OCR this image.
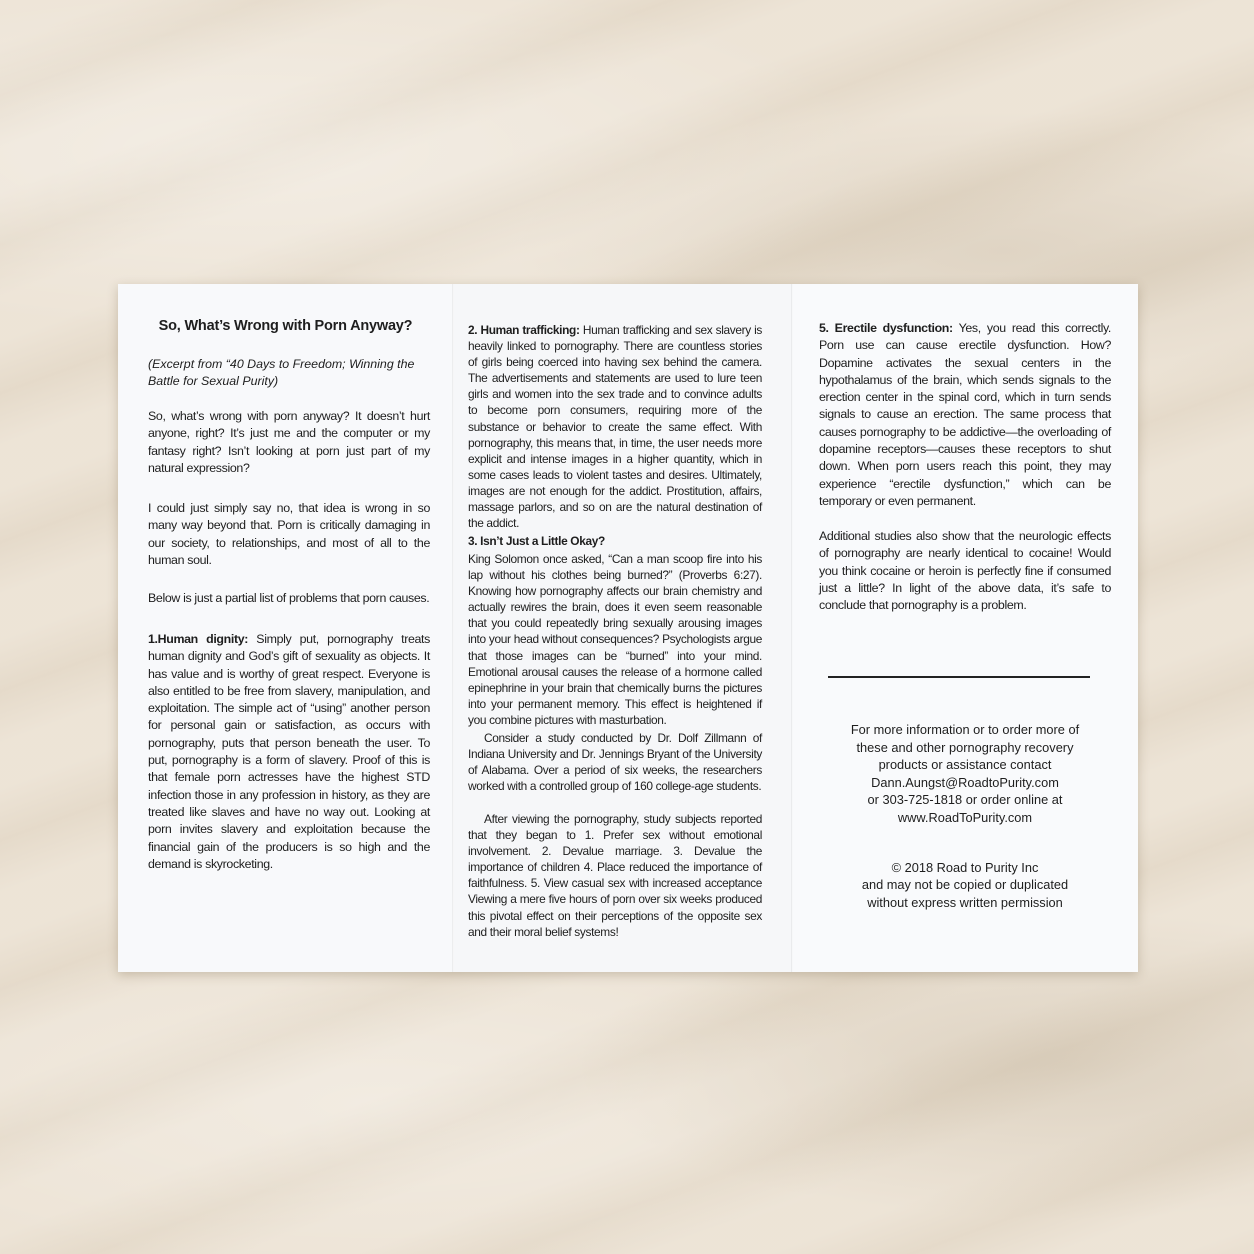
So, What’s Wrong with Porn Anyway?

(Excerpt from “40 Days to Freedom; Winning the Battle for Sexual Purity)

So, what’s wrong with porn anyway? It doesn’t hurt anyone, right? It’s just me and the computer or my fantasy right? Isn’t looking at porn just part of my natural expression?

I could just simply say no, that idea is wrong in so many way beyond that. Porn is critically damaging in our society, to relationships, and most of all to the human soul.

Below is just a partial list of problems that porn causes.

1.Human dignity: Simply put, pornography treats human dignity and God’s gift of sexuality as objects. It has value and is worthy of great respect. Everyone is also entitled to be free from slavery, manipulation, and exploitation. The simple act of “using” another person for personal gain or satisfaction, as occurs with pornography, puts that person beneath the user. To put, pornography is a form of slavery. Proof of this is that female porn actresses have the highest STD infection those in any profession in history, as they are treated like slaves and have no way out. Looking at porn invites slavery and exploitation because the financial gain of the producers is so high and the demand is skyrocketing.

2. Human trafficking: Human trafficking and sex slavery is heavily linked to pornography. There are countless stories of girls being coerced into having sex behind the camera. The advertisements and statements are used to lure teen girls and women into the sex trade and to convince adults to become porn consumers, requiring more of the substance or behavior to create the same effect. With pornography, this means that, in time, the user needs more explicit and intense images in a higher quantity, which in some cases leads to violent tastes and desires. Ultimately, images are not enough for the addict. Prostitution, affairs, massage parlors, and so on are the natural destination of the addict.

3. Isn’t Just a Little Okay?

King Solomon once asked, “Can a man scoop fire into his lap without his clothes being burned?” (Proverbs 6:27). Knowing how pornography affects our brain chemistry and actually rewires the brain, does it even seem reasonable that you could repeatedly bring sexually arousing images into your head without consequences? Psychologists argue that those images can be “burned” into your mind. Emotional arousal causes the release of a hormone called epinephrine in your brain that chemically burns the pictures into your permanent memory. This effect is heightened if you combine pictures with masturbation.

Consider a study conducted by Dr. Dolf Zillmann of Indiana University and Dr. Jennings Bryant of the University of Alabama. Over a period of six weeks, the researchers worked with a controlled group of 160 college-age students.

After viewing the pornography, study subjects reported that they began to 1. Prefer sex without emotional involvement. 2. Devalue marriage. 3. Devalue the importance of children 4. Place reduced the importance of faithfulness. 5. View casual sex with increased acceptance Viewing a mere five hours of porn over six weeks produced this pivotal effect on their perceptions of the opposite sex and their moral belief systems!

5. Erectile dysfunction: Yes, you read this correctly. Porn use can cause erectile dysfunction. How? Dopamine activates the sexual centers in the hypothalamus of the brain, which sends signals to the erection center in the spinal cord, which in turn sends signals to cause an erection. The same process that causes pornography to be addictive—the overloading of dopamine receptors—causes these receptors to shut down. When porn users reach this point, they may experience “erectile dysfunction,” which can be temporary or even permanent.

Additional studies also show that the neurologic effects of pornography are nearly identical to cocaine! Would you think cocaine or heroin is perfectly fine if consumed just a little? In light of the above data, it’s safe to conclude that pornography is a problem.

For more information or to order more of

these and other pornography recovery

products or assistance contact

Dann.Aungst@RoadtoPurity.com

or 303-725-1818 or order online at

www.RoadToPurity.com

© 2018 Road to Purity Inc

and may not be copied or duplicated

without express written permission
